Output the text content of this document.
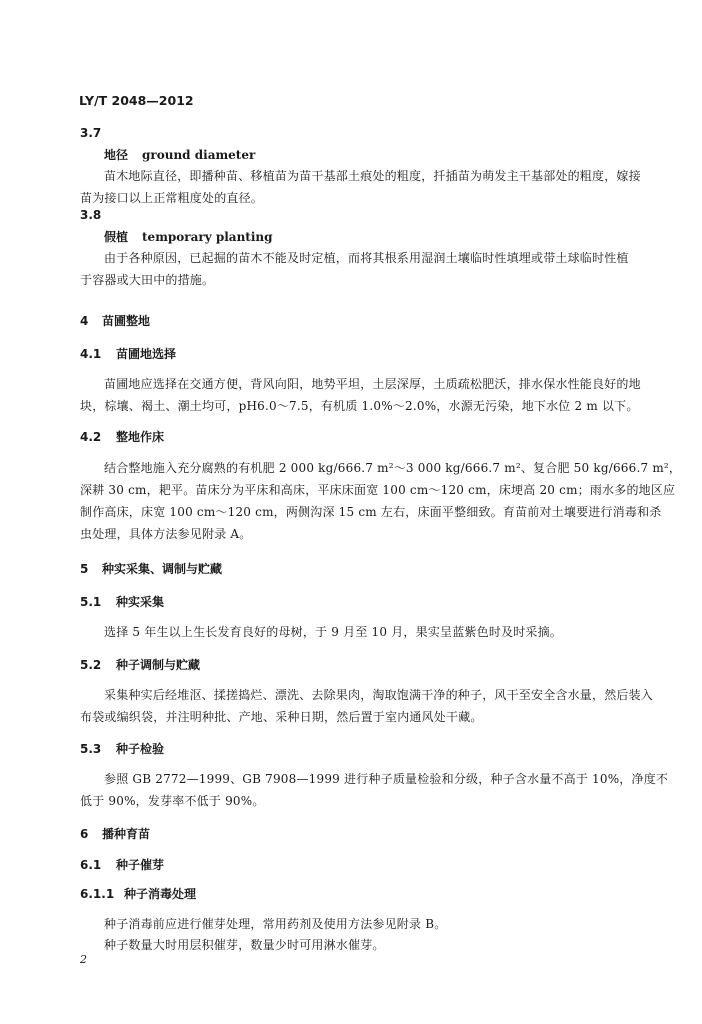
LY/T 2048—2012
3.7
地径 ground diameter
苗木地际直径，即播种苗、移植苗为苗干基部土痕处的粗度，扦插苗为萌发主干基部处的粗度，嫁接
苗为接口以上正常粗度处的直径。
3.8
假植 temporary planting
由于各种原因，已起掘的苗木不能及时定植，而将其根系用湿润土壤临时性填埋或带土球临时性植
于容器或大田中的措施。
4 苗圃整地
4.1 苗圃地选择
苗圃地应选择在交通方便，背风向阳，地势平坦，土层深厚，土质疏松肥沃，排水保水性能良好的地
块，棕壤、褐土、潮土均可，pH6.0～7.5，有机质 1.0%～2.0%，水源无污染，地下水位 2 m 以下。
4.2 整地作床
结合整地施入充分腐熟的有机肥 2 000 kg/666.7 m²～3 000 kg/666.7 m²、复合肥 50 kg/666.7 m²，
深耕 30 cm，耙平。苗床分为平床和高床，平床床面宽 100 cm～120 cm，床埂高 20 cm；雨水多的地区应
制作高床，床宽 100 cm～120 cm，两侧沟深 15 cm 左右，床面平整细致。育苗前对土壤要进行消毒和杀
虫处理，具体方法参见附录 A。
5 种实采集、调制与贮藏
5.1 种实采集
选择 5 年生以上生长发育良好的母树，于 9 月至 10 月，果实呈蓝紫色时及时采摘。
5.2 种子调制与贮藏
采集种实后经堆沤、揉搓捣烂、漂洗、去除果肉，淘取饱满干净的种子，风干至安全含水量，然后装入
布袋或编织袋，并注明种批、产地、采种日期，然后置于室内通风处干藏。
5.3 种子检验
参照 GB 2772—1999、GB 7908—1999 进行种子质量检验和分级，种子含水量不高于 10%，净度不
低于 90%，发芽率不低于 90%。
6 播种育苗
6.1 种子催芽
6.1.1 种子消毒处理
种子消毒前应进行催芽处理，常用药剂及使用方法参见附录 B。
种子数量大时用层积催芽，数量少时可用淋水催芽。
2
